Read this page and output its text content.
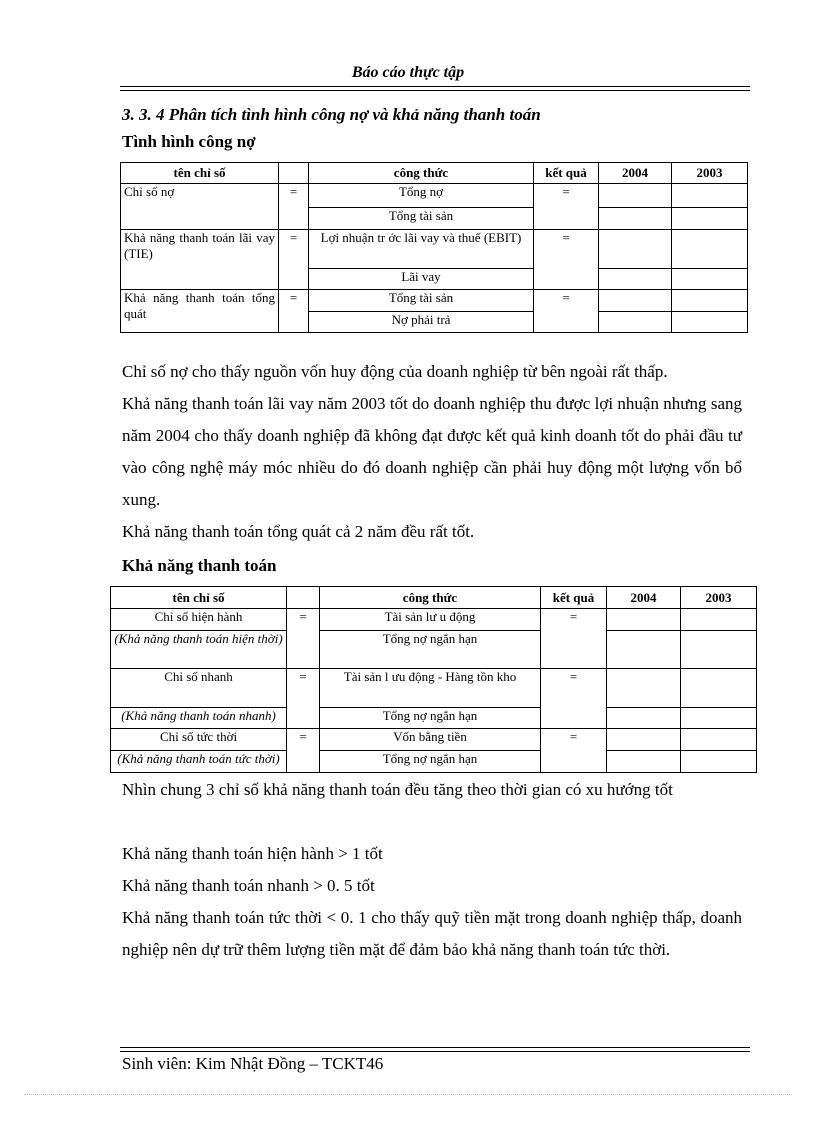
Báo cáo thực tập
3. 3. 4 Phân tích tình hình công nợ và khả năng thanh toán
Tình hình công nợ
tên chỉ số		công thức	kết quả	2004	2003
Chỉ số nợ	=	Tổng nợ	=		
		Tổng tài sản			
Khả năng thanh toán lãi vay (TIE)	=	Lợi nhuận tr ớc lãi vay và thuế (EBIT)	=		
		Lãi vay			
Khả năng thanh toán tổng quát	=	Tổng tài sản	=		
		Nợ phải trả			

Chỉ số nợ cho thấy nguồn vốn huy động của doanh nghiệp từ bên ngoài rất thấp.

Khả năng thanh toán lãi vay năm 2003 tốt do doanh nghiệp thu được lợi nhuận nhưng sang năm 2004 cho thấy doanh nghiệp đã không đạt được kết quả kinh doanh tốt do phải đầu tư vào công nghệ máy móc nhiều do đó doanh nghiệp cần phải huy động một lượng vốn bổ xung.

Khả năng thanh toán tổng quát cả 2 năm đều rất tốt.

Khả năng thanh toán
tên chỉ số		công thức	kết quả	2004	2003
Chỉ số hiện hành	=	Tài sản lư u động	=		
(Khả năng thanh toán hiện thời)		Tổng nợ ngắn hạn			
Chỉ số nhanh	=	Tài sản l ưu động - Hàng tồn kho	=		
(Khả năng thanh toán nhanh)		Tổng nợ ngắn hạn			
Chỉ số tức thời	=	Vốn bằng tiền	=		
(Khả năng thanh toán tức thời)		Tổng nợ ngắn hạn			

Nhìn chung 3 chỉ số khả năng thanh toán đều tăng theo thời gian có xu hướng tốt

Khả năng thanh toán hiện hành > 1 tốt

Khả năng thanh toán nhanh > 0. 5 tốt

Khả năng thanh toán tức thời < 0. 1 cho thấy quỹ tiền mặt trong doanh nghiệp thấp, doanh nghiệp nên dự trữ thêm lượng tiền mặt để đảm bảo khả năng thanh toán tức thời.

Sinh viên: Kim Nhật Đồng – TCKT46
